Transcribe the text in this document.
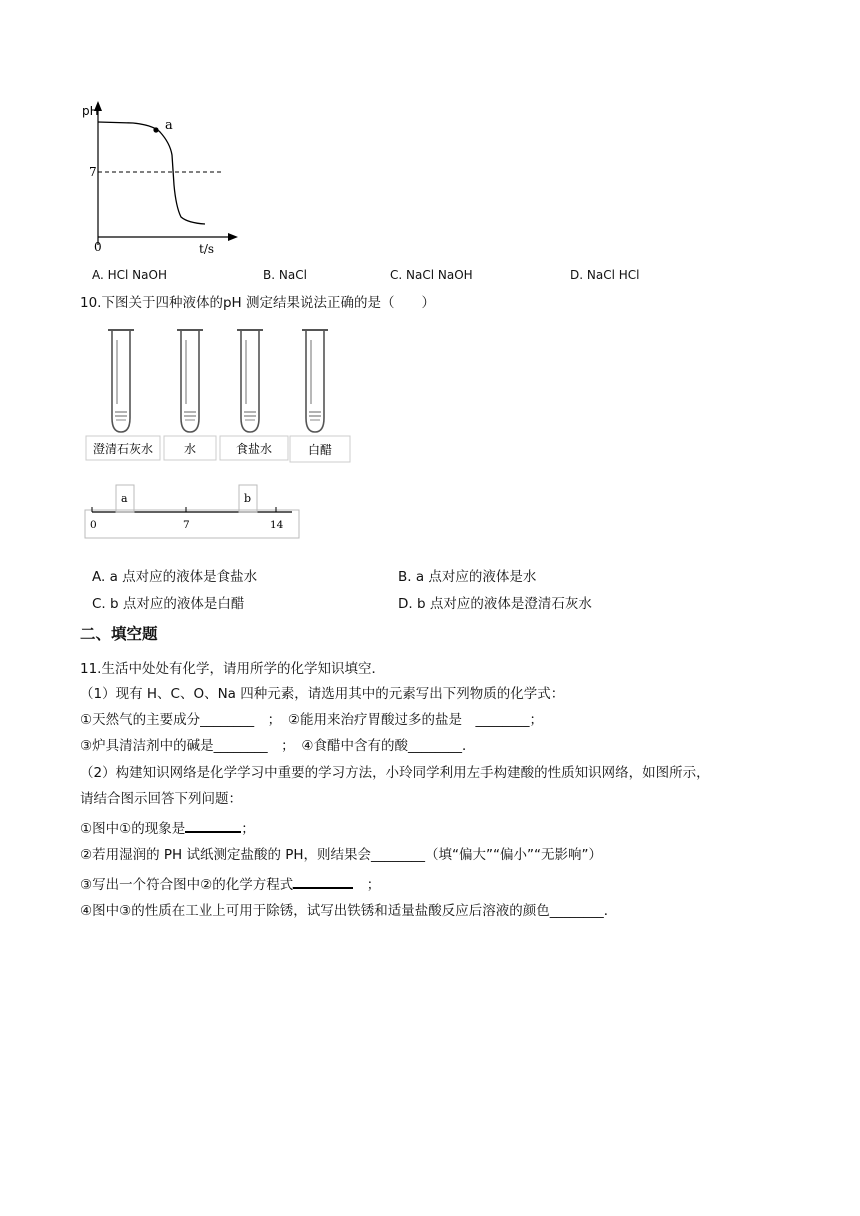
pH
a
7
0	t/s
A. HCl NaOH	B. NaCl	C. NaCl NaOH	D. NaCl HCl
10.下图关于四种液体的pH 测定结果说法正确的是（　　）
澄清石灰水	水	食盐水	白醋
a	b
0	7	14
A. a 点对应的液体是食盐水	B. a 点对应的液体是水
C. b 点对应的液体是白醋	D. b 点对应的液体是澄清石灰水
二、填空题
11.生活中处处有化学，请用所学的化学知识填空．
（1）现有 H、C、O、Na 四种元素，请选用其中的元素写出下列物质的化学式：
①天然气的主要成分________　；　②能用来治疗胃酸过多的盐是　________；
③炉具清洁剂中的碱是________　；　④食醋中含有的酸________．
（2）构建知识网络是化学学习中重要的学习方法，小玲同学利用左手构建酸的性质知识网络，如图所示，
请结合图示回答下列问题：
①图中①的现象是	；
②若用湿润的 PH 试纸测定盐酸的 PH，则结果会________（填“偏大”“偏小”“无影响”）
③写出一个符合图中②的化学方程式	　；
④图中③的性质在工业上可用于除锈，试写出铁锈和适量盐酸反应后溶液的颜色________．
